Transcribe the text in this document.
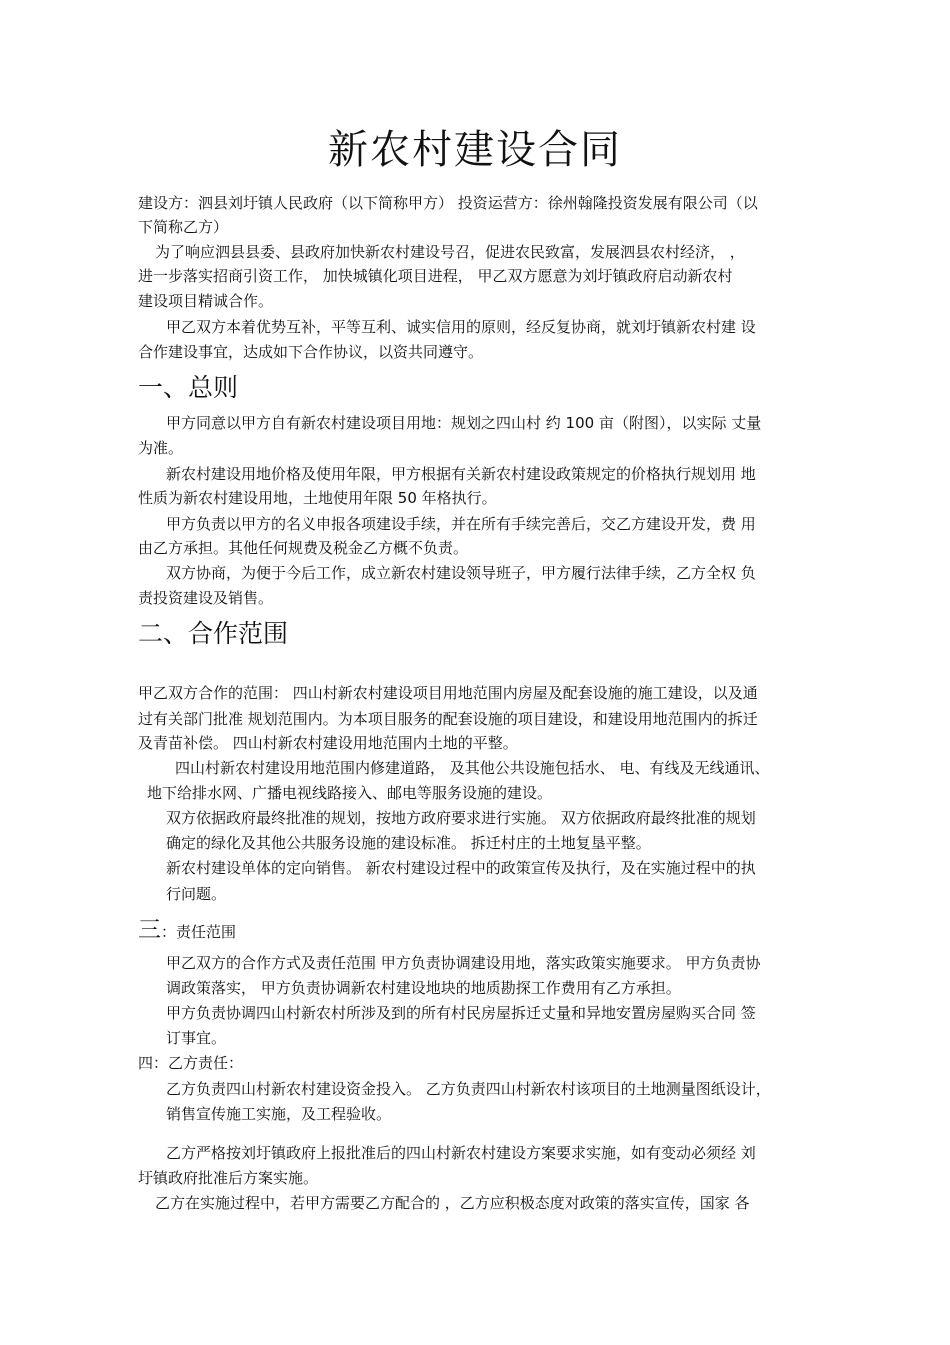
新农村建设合同
建设方：泗县刘圩镇人民政府（以下简称甲方） 投资运营方：徐州翰隆投资发展有限公司（以
下简称乙方）
为了响应泗县县委、县政府加快新农村建设号召，促进农民致富，发展泗县农村经济， ，
进一步落实招商引资工作， 加快城镇化项目进程， 甲乙双方愿意为刘圩镇政府启动新农村
建设项目精诚合作。
甲乙双方本着优势互补，平等互利、诚实信用的原则，经反复协商，就刘圩镇新农村建 设
合作建设事宜，达成如下合作协议，以资共同遵守。
一、总则
甲方同意以甲方自有新农村建设项目用地：规划之四山村 约 100 亩（附图），以实际 丈量
为准。
新农村建设用地价格及使用年限，甲方根据有关新农村建设政策规定的价格执行规划用 地
性质为新农村建设用地，土地使用年限 50 年格执行。
甲方负责以甲方的名义申报各项建设手续，并在所有手续完善后，交乙方建设开发，费 用
由乙方承担。其他任何规费及税金乙方概不负责。
双方协商，为便于今后工作，成立新农村建设领导班子，甲方履行法律手续，乙方全权 负
责投资建设及销售。
二、合作范围
甲乙双方合作的范围： 四山村新农村建设项目用地范围内房屋及配套设施的施工建设，以及通
过有关部门批准 规划范围内。为本项目服务的配套设施的项目建设，和建设用地范围内的拆迁
及青苗补偿。 四山村新农村建设用地范围内土地的平整。
四山村新农村建设用地范围内修建道路， 及其他公共设施包括水、 电、有线及无线通讯、
地下给排水网、广播电视线路接入、邮电等服务设施的建设。
双方依据政府最终批准的规划，按地方政府要求进行实施。 双方依据政府最终批准的规划
确定的绿化及其他公共服务设施的建设标准。 拆迁村庄的土地复垦平整。
新农村建设单体的定向销售。 新农村建设过程中的政策宣传及执行，及在实施过程中的执
行问题。
三：责任范围
甲乙双方的合作方式及责任范围 甲方负责协调建设用地，落实政策实施要求。 甲方负责协
调政策落实， 甲方负责协调新农村建设地块的地质勘探工作费用有乙方承担。
甲方负责协调四山村新农村所涉及到的所有村民房屋拆迁丈量和异地安置房屋购买合同 签
订事宜。
四：乙方责任：
乙方负责四山村新农村建设资金投入。 乙方负责四山村新农村该项目的土地测量图纸设计，
销售宣传施工实施，及工程验收。
乙方严格按刘圩镇政府上报批准后的四山村新农村建设方案要求实施，如有变动必须经 刘
圩镇政府批准后方案实施。
乙方在实施过程中，若甲方需要乙方配合的 ，乙方应积极态度对政策的落实宣传，国家 各
